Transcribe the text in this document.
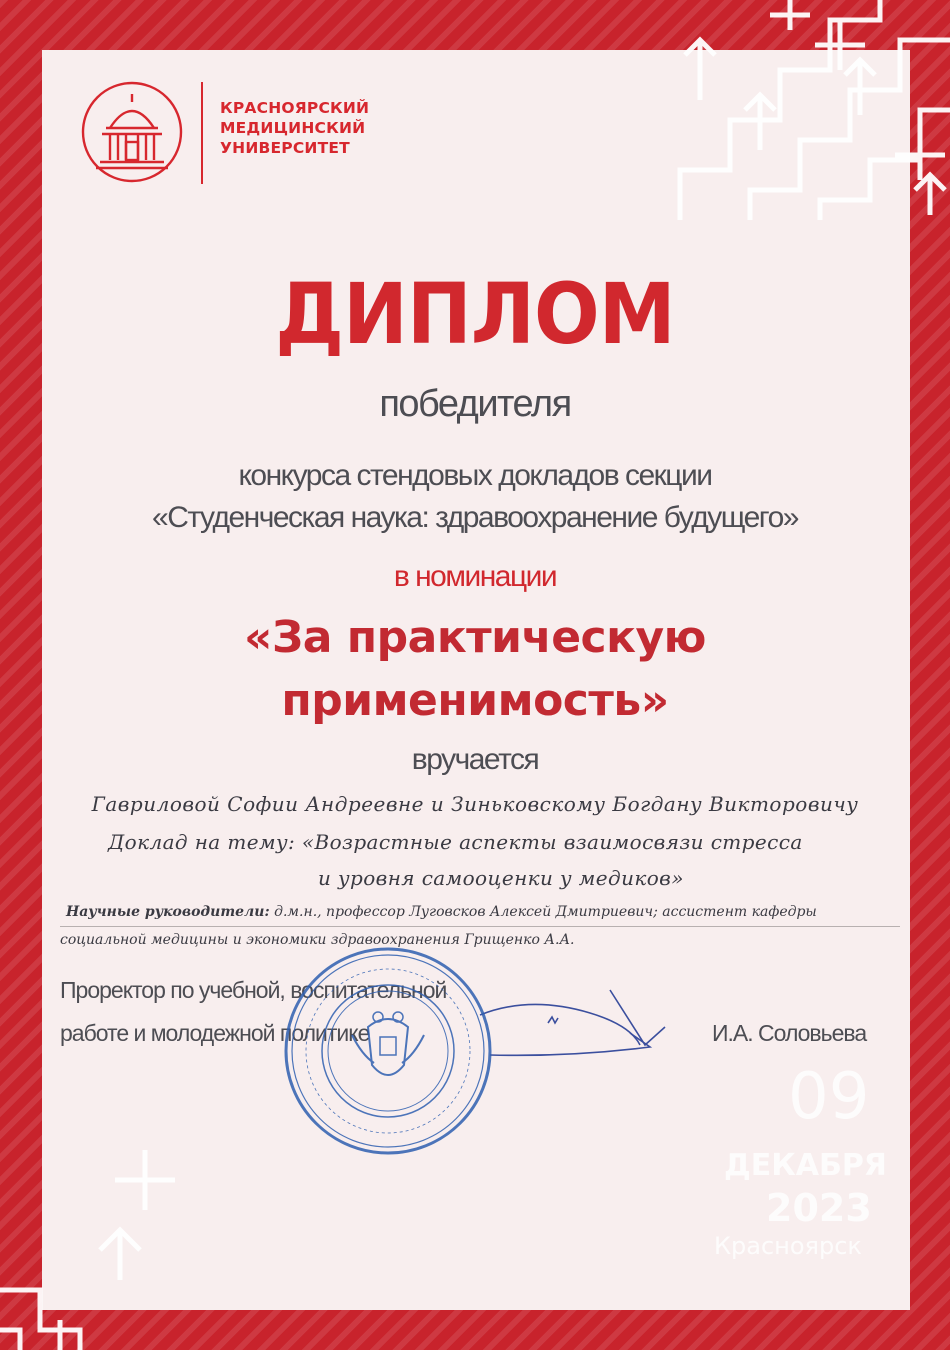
КРАСНОЯРСКИЙ
МЕДИЦИНСКИЙ
УНИВЕРСИТЕТ
ДИПЛОМ
победителя
конкурса стендовых докладов секции
«Студенческая наука: здравоохранение будущего»
в номинации
«За практическую
применимость»
вручается
Гавриловой Софии Андреевне и Зиньковскому Богдану Викторовичу
Доклад на тему: «Возрастные аспекты взаимосвязи стресса
и уровня самооценки у медиков»
Научные руководители: д.м.н., профессор Луговсков Алексей Дмитриевич; ассистент кафедры
социальной медицины и экономики здравоохранения Грищенко А.А.
Проректор по учебной, воспитательной
работе и молодежной политике	И.А. Соловьева
09
ДЕКАБРЯ
2023
Красноярск
